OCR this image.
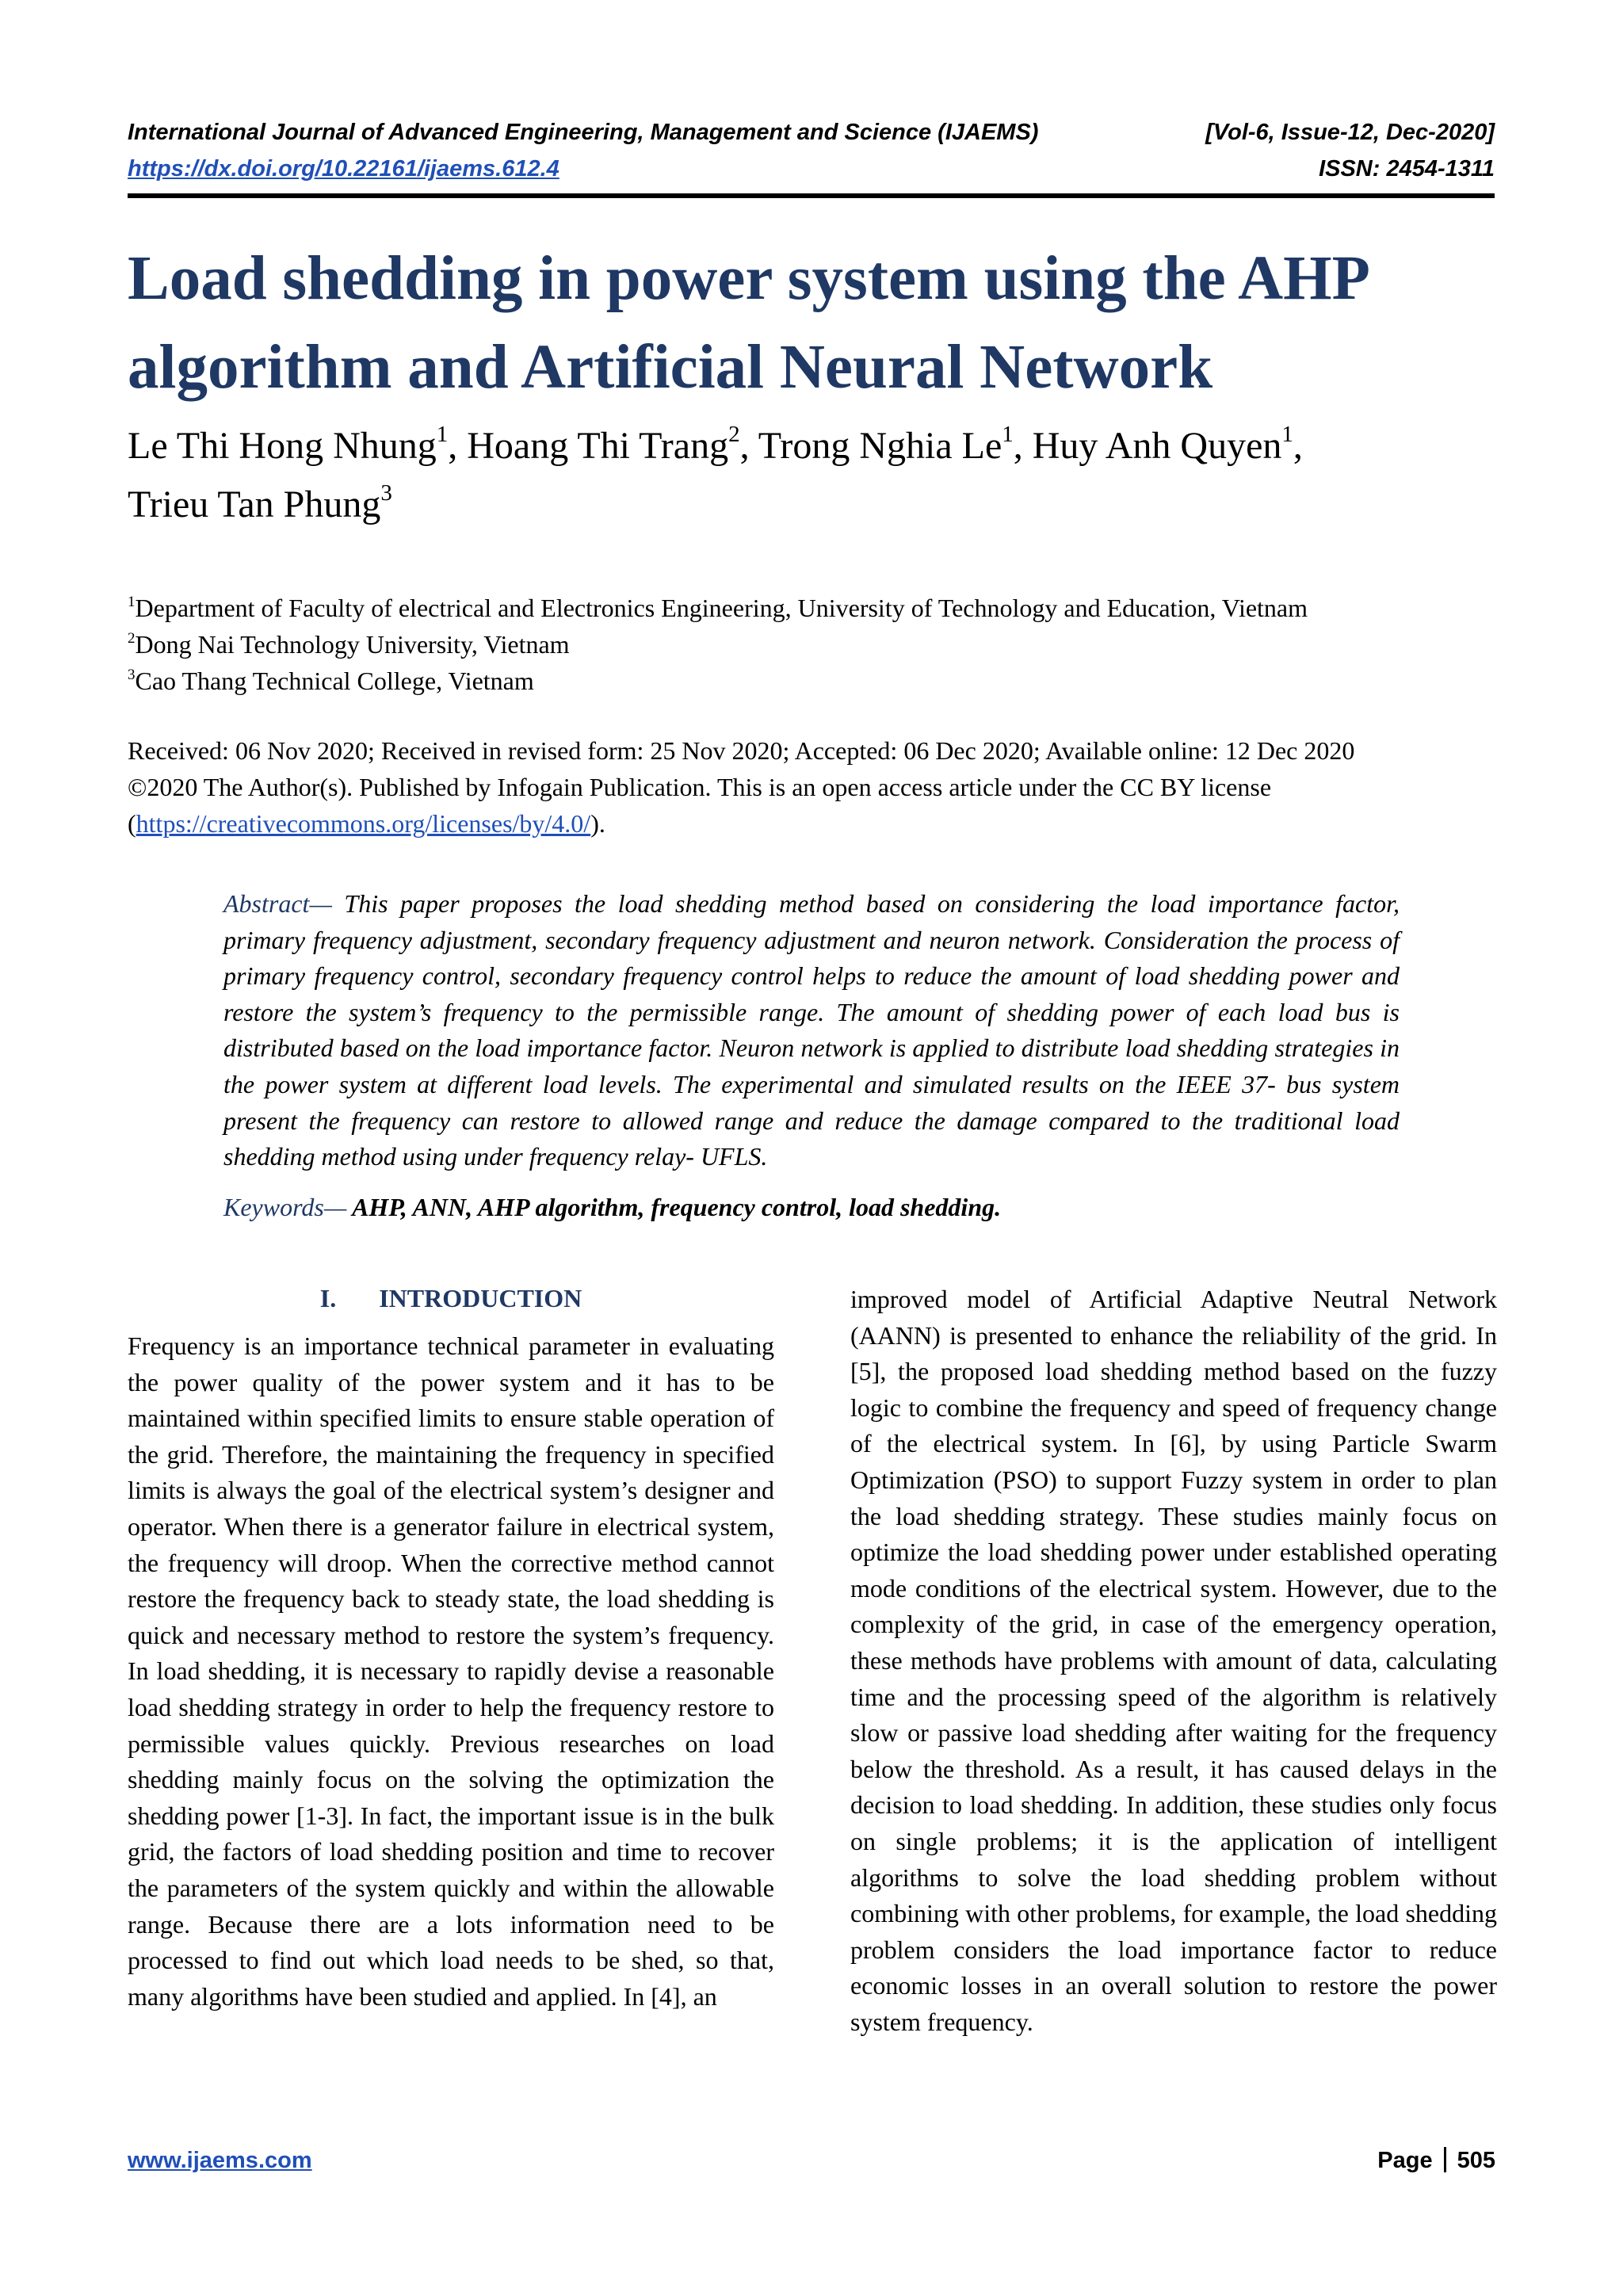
International Journal of Advanced Engineering, Management and Science (IJAEMS)	[Vol-6, Issue-12, Dec-2020]
https://dx.doi.org/10.22161/ijaems.612.4	ISSN: 2454-1311
Load shedding in power system using the AHP algorithm and Artificial Neural Network

Le Thi Hong Nhung$^1$, Hoang Thi Trang$^2$, Trong Nghia Le$^1$, Huy Anh Quyen$^1$,
Trieu Tan Phung$^3$

$^1$Department of Faculty of electrical and Electronics Engineering, University of Technology and Education, Vietnam
$^2$Dong Nai Technology University, Vietnam
$^3$Cao Thang Technical College, Vietnam
Received: 06 Nov 2020; Received in revised form: 25 Nov 2020; Accepted: 06 Dec 2020; Available online: 12 Dec 2020
©2020 The Author(s). Published by Infogain Publication. This is an open access article under the CC BY license
(https://creativecommons.org/licenses/by/4.0/).

Abstract— This paper proposes the load shedding method based on considering the load importance factor, primary frequency adjustment, secondary frequency adjustment and neuron network. Consideration the process of primary frequency control, secondary frequency control helps to reduce the amount of load shedding power and restore the system’s frequency to the permissible range. The amount of shedding power of each load bus is distributed based on the load importance factor. Neuron network is applied to distribute load shedding strategies in the power system at different load levels. The experimental and simulated results on the IEEE 37- bus system present the frequency can restore to allowed range and reduce the damage compared to the traditional load shedding method using under frequency relay- UFLS.

Keywords— AHP, ANN, AHP algorithm, frequency control, load shedding.

I. INTRODUCTION

Frequency is an importance technical parameter in evaluating the power quality of the power system and it has to be maintained within specified limits to ensure stable operation of the grid. Therefore, the maintaining the frequency in specified limits is always the goal of the electrical system’s designer and operator. When there is a generator failure in electrical system, the frequency will droop. When the corrective method cannot restore the frequency back to steady state, the load shedding is quick and necessary method to restore the system’s frequency. In load shedding, it is necessary to rapidly devise a reasonable load shedding strategy in order to help the frequency restore to permissible values quickly. Previous researches on load shedding mainly focus on the solving the optimization the shedding power [1-3]. In fact, the important issue is in the bulk grid, the factors of load shedding position and time to recover the parameters of the system quickly and within the allowable range. Because there are a lots information need to be processed to find out which load needs to be shed, so that, many algorithms have been studied and applied. In [4], an

improved model of Artificial Adaptive Neutral Network (AANN) is presented to enhance the reliability of the grid. In [5], the proposed load shedding method based on the fuzzy logic to combine the frequency and speed of frequency change of the electrical system. In [6], by using Particle Swarm Optimization (PSO) to support Fuzzy system in order to plan the load shedding strategy. These studies mainly focus on optimize the load shedding power under established operating mode conditions of the electrical system. However, due to the complexity of the grid, in case of the emergency operation, these methods have problems with amount of data, calculating time and the processing speed of the algorithm is relatively slow or passive load shedding after waiting for the frequency below the threshold. As a result, it has caused delays in the decision to load shedding. In addition, these studies only focus on single problems; it is the application of intelligent algorithms to solve the load shedding problem without combining with other problems, for example, the load shedding problem considers the load importance factor to reduce economic losses in an overall solution to restore the power system frequency.

www.ijaems.com	Page 505
